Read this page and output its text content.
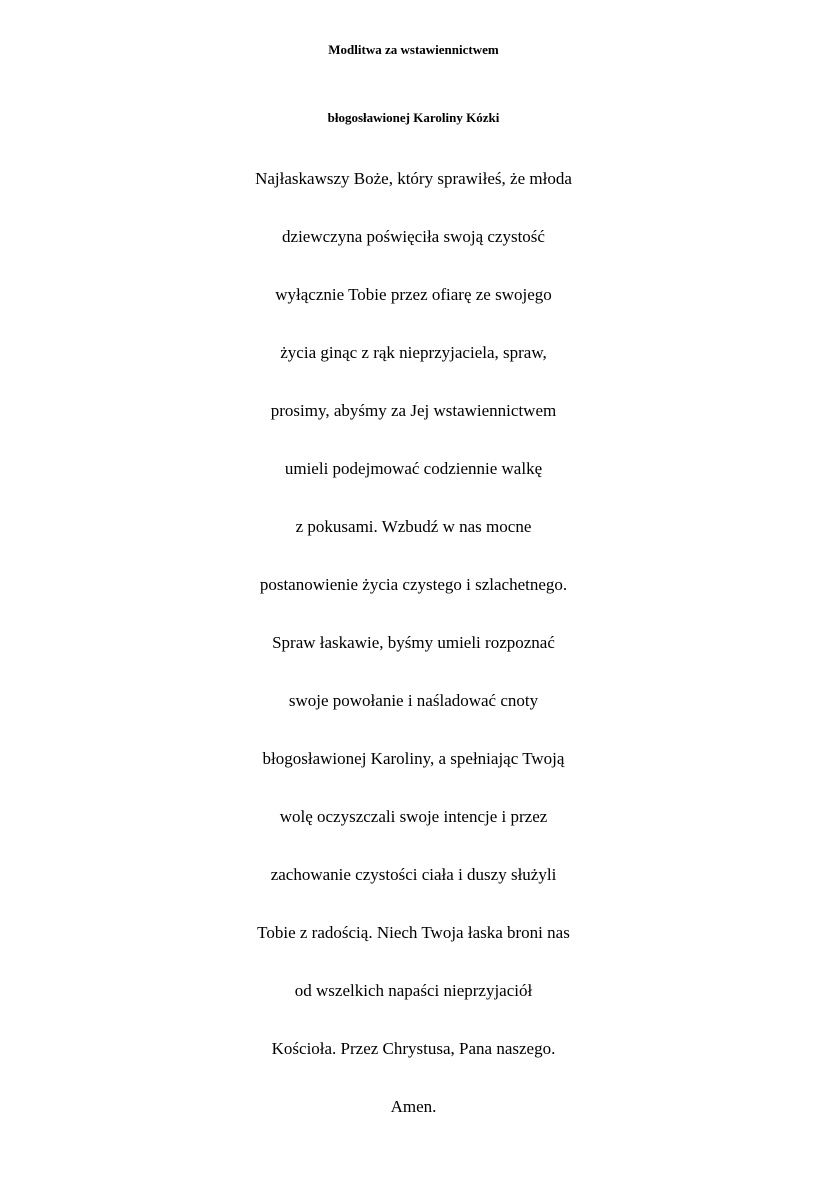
Modlitwa za wstawiennictwem
błogosławionej Karoliny Kózki
Najłaskawszy Boże, który sprawiłeś, że młoda
dziewczyna poświęciła swoją czystość
wyłącznie Tobie przez ofiarę ze swojego
życia ginąc z rąk nieprzyjaciela, spraw,
prosimy, abyśmy za Jej wstawiennictwem
umieli podejmować codziennie walkę
z pokusami. Wzbudź w nas mocne
postanowienie życia czystego i szlachetnego.
Spraw łaskawie, byśmy umieli rozpoznać
swoje powołanie i naśladować cnoty
błogosławionej Karoliny, a spełniając Twoją
wolę oczyszczali swoje intencje i przez
zachowanie czystości ciała i duszy służyli
Tobie z radością. Niech Twoja łaska broni nas
od wszelkich napaści nieprzyjaciół
Kościoła. Przez Chrystusa, Pana naszego.
Amen.
